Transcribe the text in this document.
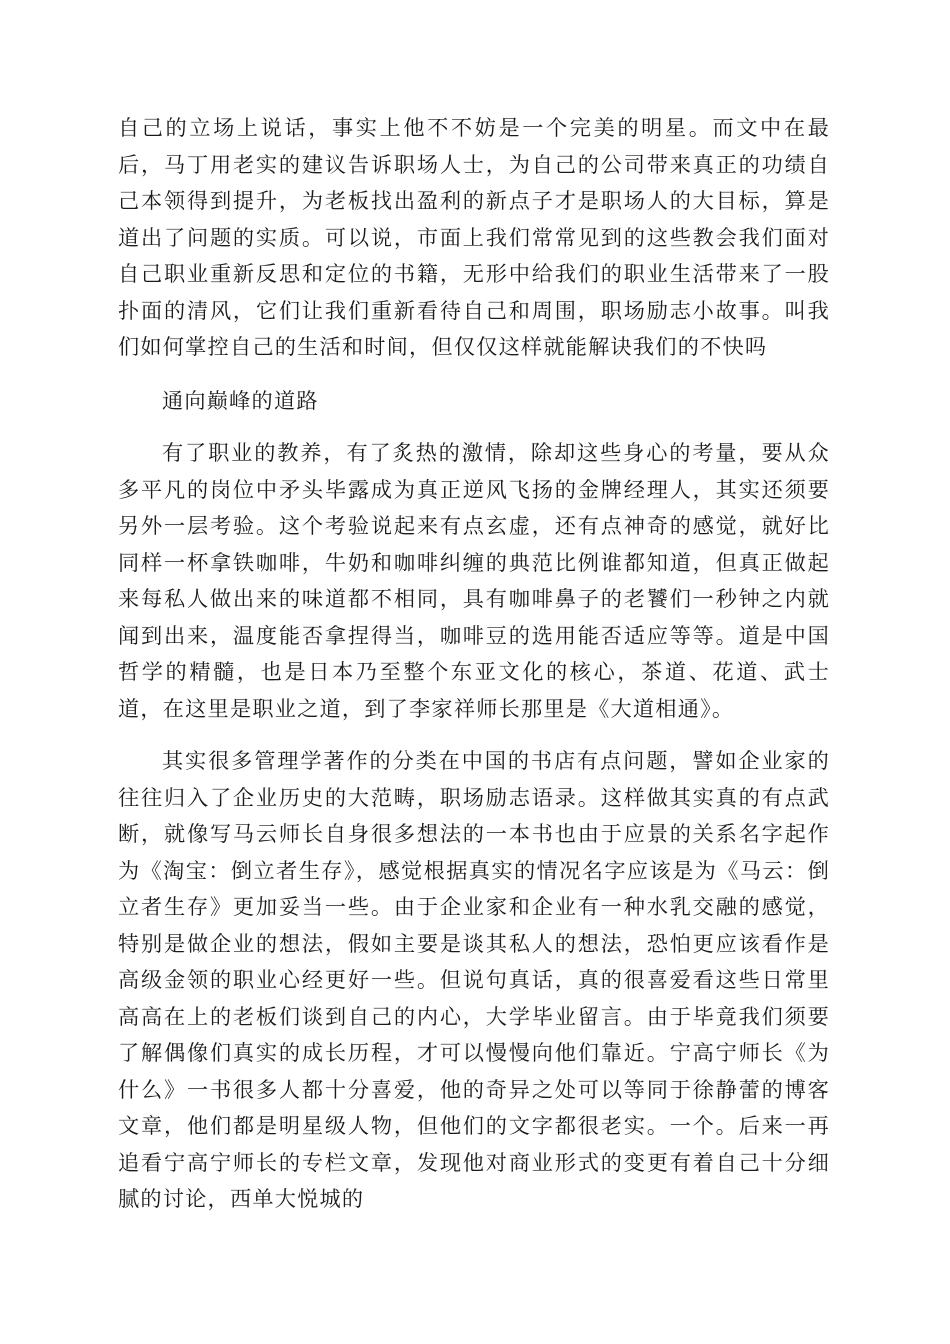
自己的立场上说话，事实上他不不妨是一个完美的明星。而文中在最后，马丁用老实的建议告诉职场人士，为自己的公司带来真正的功绩自己本领得到提升，为老板找出盈利的新点子才是职场人的大目标，算是道出了问题的实质。可以说，市面上我们常常见到的这些教会我们面对自己职业重新反思和定位的书籍，无形中给我们的职业生活带来了一股扑面的清风，它们让我们重新看待自己和周围，职场励志小故事。叫我们如何掌控自己的生活和时间，但仅仅这样就能解诀我们的不快吗

通向巅峰的道路

有了职业的教养，有了炙热的激情，除却这些身心的考量，要从众多平凡的岗位中矛头毕露成为真正逆风飞扬的金牌经理人，其实还须要另外一层考验。这个考验说起来有点玄虚，还有点神奇的感觉，就好比同样一杯拿铁咖啡，牛奶和咖啡纠缠的典范比例谁都知道，但真正做起来每私人做出来的味道都不相同，具有咖啡鼻子的老饕们一秒钟之内就闻到出来，温度能否拿捏得当，咖啡豆的选用能否适应等等。道是中国哲学的精髓，也是日本乃至整个东亚文化的核心，茶道、花道、武士道，在这里是职业之道，到了李家祥师长那里是《大道相通》。

其实很多管理学著作的分类在中国的书店有点问题，譬如企业家的往往归入了企业历史的大范畴，职场励志语录。这样做其实真的有点武断，就像写马云师长自身很多想法的一本书也由于应景的关系名字起作为《淘宝：倒立者生存》，感觉根据真实的情况名字应该是为《马云：倒立者生存》更加妥当一些。由于企业家和企业有一种水乳交融的感觉，特别是做企业的想法，假如主要是谈其私人的想法，恐怕更应该看作是高级金领的职业心经更好一些。但说句真话，真的很喜爱看这些日常里高高在上的老板们谈到自己的内心，大学毕业留言。由于毕竟我们须要了解偶像们真实的成长历程，才可以慢慢向他们靠近。宁高宁师长《为什么》一书很多人都十分喜爱，他的奇异之处可以等同于徐静蕾的博客文章，他们都是明星级人物，但他们的文字都很老实。一个。后来一再追看宁高宁师长的专栏文章，发现他对商业形式的变更有着自己十分细腻的讨论，西单大悦城的
